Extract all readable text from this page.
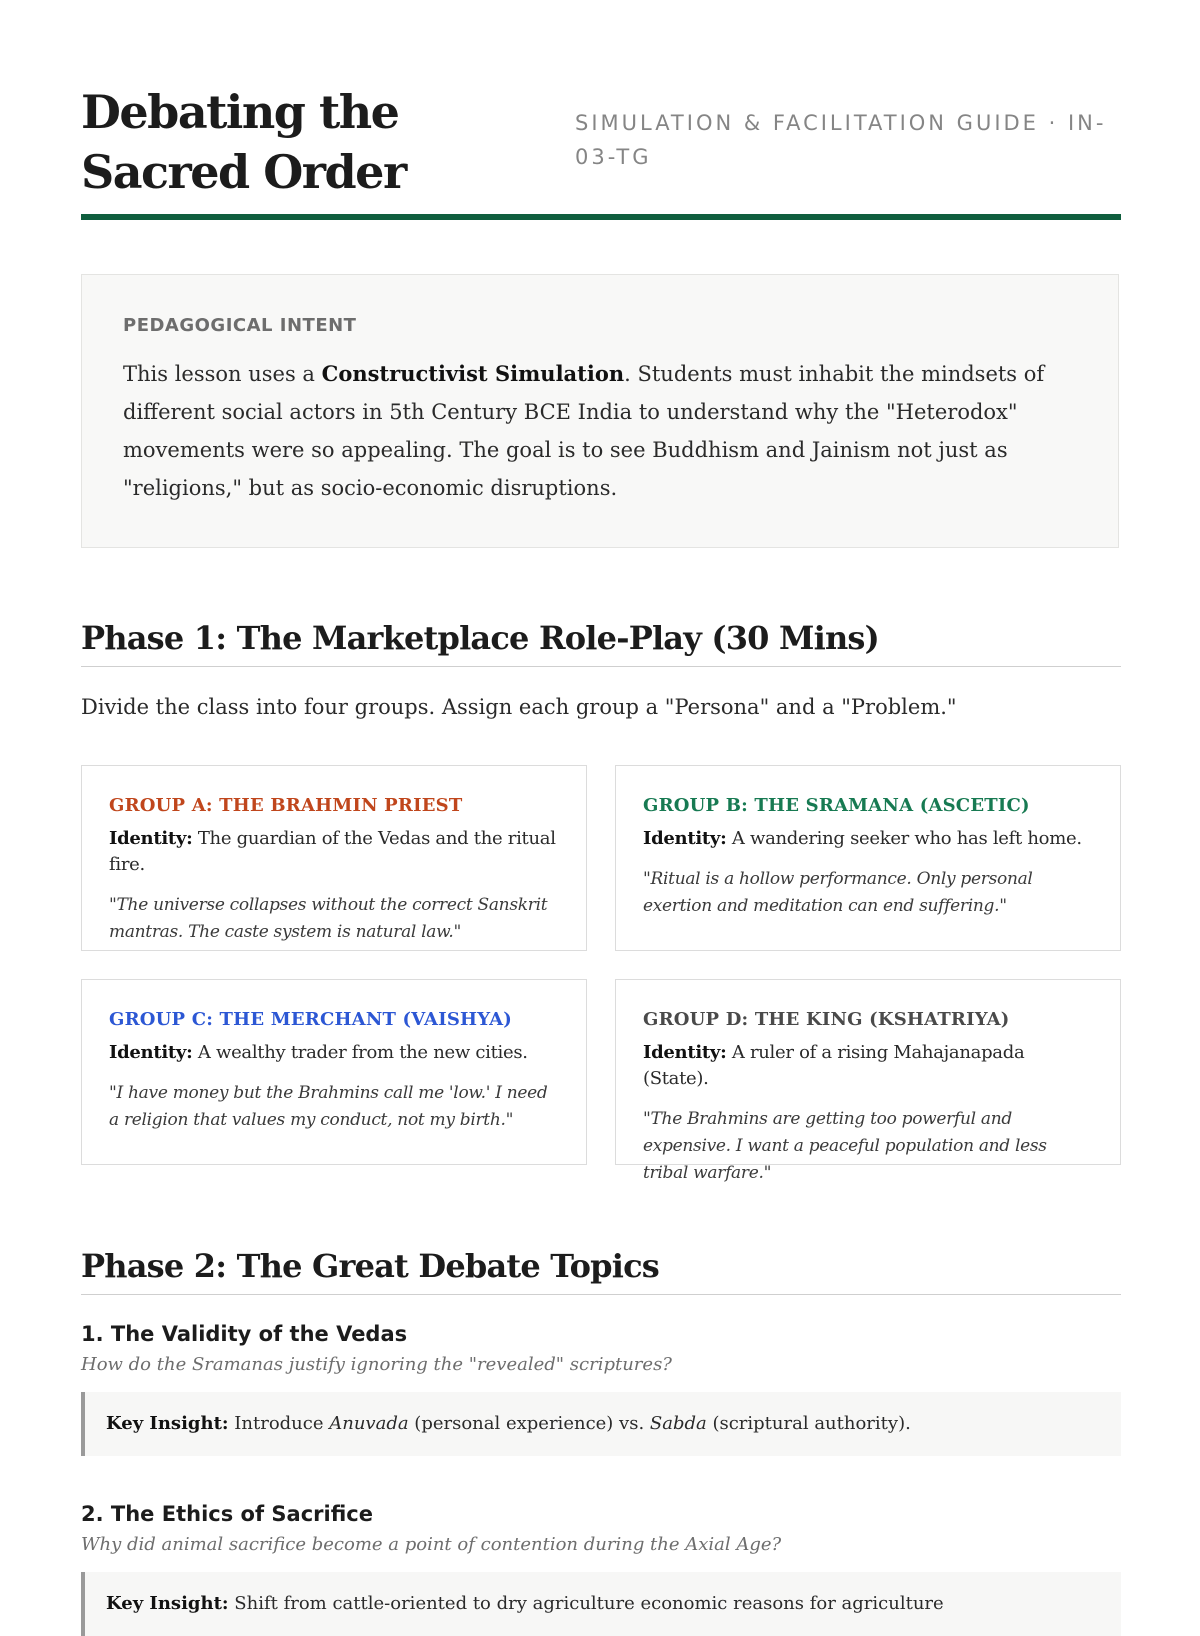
Debating the Sacred Order
SIMULATION & FACILITATION GUIDE · IN-03-TG
PEDAGOGICAL INTENT
This lesson uses a Constructivist Simulation. Students must inhabit the mindsets of different social actors in 5th Century BCE India to understand why the "Heterodox" movements were so appealing. The goal is to see Buddhism and Jainism not just as "religions," but as socio-economic disruptions.
Phase 1: The Marketplace Role-Play (30 Mins)
Divide the class into four groups. Assign each group a "Persona" and a "Problem."
GROUP A: THE BRAHMIN PRIEST
Identity: The guardian of the Vedas and the ritual fire.
"The universe collapses without the correct Sanskrit mantras. The caste system is natural law."
GROUP B: THE SRAMANA (ASCETIC)
Identity: A wandering seeker who has left home.
"Ritual is a hollow performance. Only personal exertion and meditation can end suffering."
GROUP C: THE MERCHANT (VAISHYA)
Identity: A wealthy trader from the new cities.
"I have money but the Brahmins call me 'low.' I need a religion that values my conduct, not my birth."
GROUP D: THE KING (KSHATRIYA)
Identity: A ruler of a rising Mahajanapada (State).
"The Brahmins are getting too powerful and expensive. I want a peaceful population and less tribal warfare."
Phase 2: The Great Debate Topics
1. The Validity of the Vedas
How do the Sramanas justify ignoring the "revealed" scriptures?
Key Insight: Introduce Anuvada (personal experience) vs. Sabda (scriptural authority).
2. The Ethics of Sacrifice
Why did animal sacrifice become a point of contention during the Axial Age?
Key Insight: Shift from cattle-oriented to dry agriculture economic reasons for agriculture
